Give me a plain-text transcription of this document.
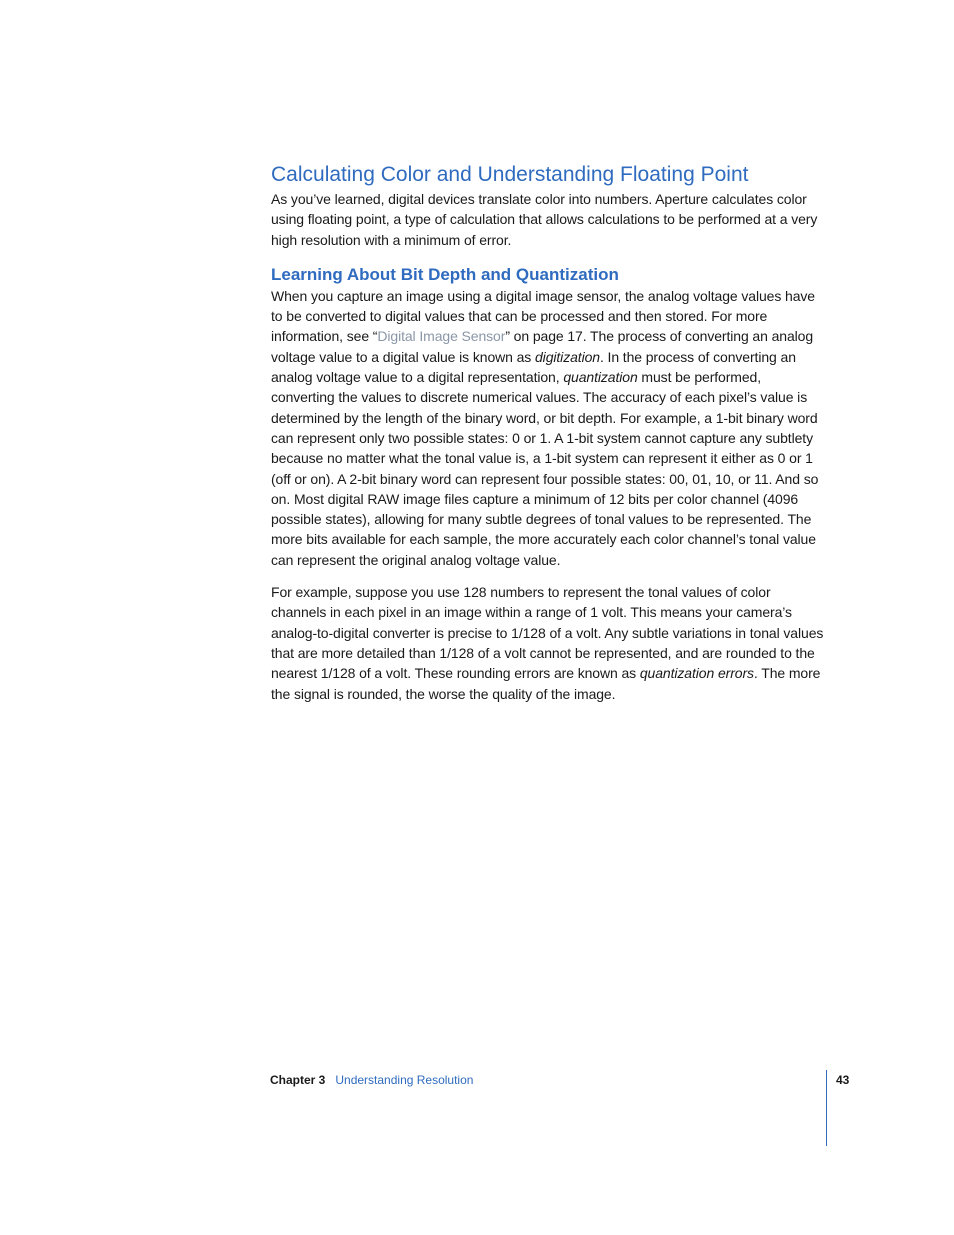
Calculating Color and Understanding Floating Point

As you’ve learned, digital devices translate color into numbers. Aperture calculates color using floating point, a type of calculation that allows calculations to be performed at a very high resolution with a minimum of error.

Learning About Bit Depth and Quantization

When you capture an image using a digital image sensor, the analog voltage values have to be converted to digital values that can be processed and then stored. For more information, see “Digital Image Sensor” on page 17. The process of converting an analog voltage value to a digital value is known as digitization. In the process of converting an analog voltage value to a digital representation, quantization must be performed, converting the values to discrete numerical values. The accuracy of each pixel’s value is determined by the length of the binary word, or bit depth. For example, a 1-bit binary word can represent only two possible states: 0 or 1. A 1-bit system cannot capture any subtlety because no matter what the tonal value is, a 1-bit system can represent it either as 0 or 1 (off or on). A 2-bit binary word can represent four possible states: 00, 01, 10, or 11. And so on. Most digital RAW image files capture a minimum of 12 bits per color channel (4096 possible states), allowing for many subtle degrees of tonal values to be represented. The more bits available for each sample, the more accurately each color channel’s tonal value can represent the original analog voltage value.

For example, suppose you use 128 numbers to represent the tonal values of color channels in each pixel in an image within a range of 1 volt. This means your camera’s analog-to-digital converter is precise to 1/128 of a volt. Any subtle variations in tonal values that are more detailed than 1/128 of a volt cannot be represented, and are rounded to the nearest 1/128 of a volt. These rounding errors are known as quantization errors. The more the signal is rounded, the worse the quality of the image.

Chapter 3 Understanding Resolution	43
